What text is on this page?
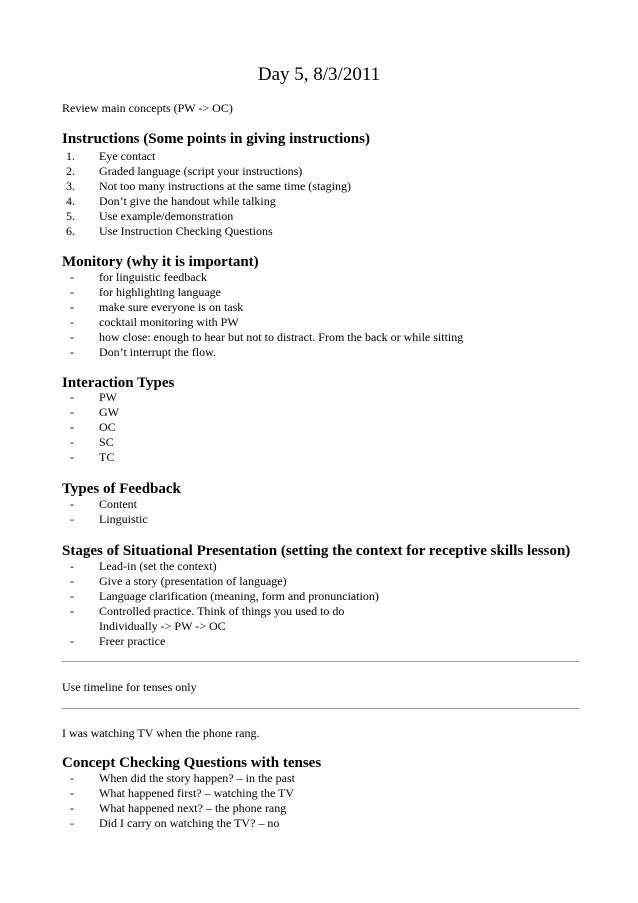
Day 5, 8/3/2011
Review main concepts (PW -> OC)
Instructions (Some points in giving instructions)
1.	Eye contact
2.	Graded language (script your instructions)
3.	Not too many instructions at the same time (staging)
4.	Don’t give the handout while talking
5.	Use example/demonstration
6.	Use Instruction Checking Questions
Monitory (why it is important)
-	for linguistic feedback
-	for highlighting language
-	make sure everyone is on task
-	cocktail monitoring with PW
-	how close: enough to hear but not to distract. From the back or while sitting
-	Don’t interrupt the flow.
Interaction Types
-	PW
-	GW
-	OC
-	SC
-	TC
Types of Feedback
-	Content
-	Linguistic
Stages of Situational Presentation (setting the context for receptive skills lesson)
-	Lead-in (set the context)
-	Give a story (presentation of language)
-	Language clarification (meaning, form and pronunciation)
-	Controlled practice. Think of things you used to do
Individually -> PW -> OC
-	Freer practice
Use timeline for tenses only
I was watching TV when the phone rang.
Concept Checking Questions with tenses
-	When did the story happen? – in the past
-	What happened first? – watching the TV
-	What happened next? – the phone rang
-	Did I carry on watching the TV? – no
